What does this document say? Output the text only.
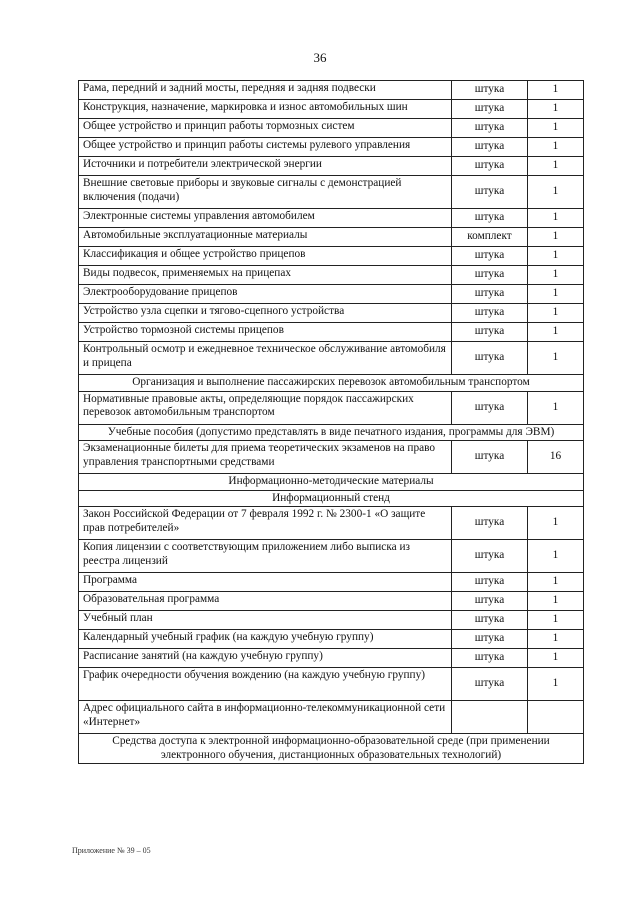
36
Рама, передний и задний мосты, передняя и задняя подвески	штука	1
Конструкция, назначение, маркировка и износ автомобильных шин	штука	1
Общее устройство и принцип работы тормозных систем	штука	1
Общее устройство и принцип работы системы рулевого управления	штука	1
Источники и потребители электрической энергии	штука	1
Внешние световые приборы и звуковые сигналы с демонстрацией включения (подачи)	штука	1
Электронные системы управления автомобилем	штука	1
Автомобильные эксплуатационные материалы	комплект	1
Классификация и общее устройство прицепов	штука	1
Виды подвесок, применяемых на прицепах	штука	1
Электрооборудование прицепов	штука	1
Устройство узла сцепки и тягово-сцепного устройства	штука	1
Устройство тормозной системы прицепов	штука	1
Контрольный осмотр и ежедневное техническое обслуживание автомобиля и прицепа	штука	1
Организация и выполнение пассажирских перевозок автомобильным транспортом		
Нормативные правовые акты, определяющие порядок пассажирских перевозок автомобильным транспортом	штука	1
Учебные пособия (допустимо представлять в виде печатного издания, программы для ЭВМ)		
Экзаменационные билеты для приема теоретических экзаменов на право управления транспортными средствами	штука	16
Информационно-методические материалы		
Информационный стенд		
Закон Российской Федерации от 7 февраля 1992 г. № 2300-1 «О защите прав потребителей»	штука	1
Копия лицензии с соответствующим приложением либо выписка из реестра лицензий	штука	1
Программа	штука	1
Образовательная программа	штука	1
Учебный план	штука	1
Календарный учебный график (на каждую учебную группу)	штука	1
Расписание занятий (на каждую учебную группу)	штука	1
График очередности обучения вождению (на каждую учебную группу)	штука	1
Адрес официального сайта в информационно-телекоммуникационной сети «Интернет»		
Средства доступа к электронной информационно-образовательной среде (при применении электронного обучения, дистанционных образовательных технологий)		
Приложение № 39 – 05
